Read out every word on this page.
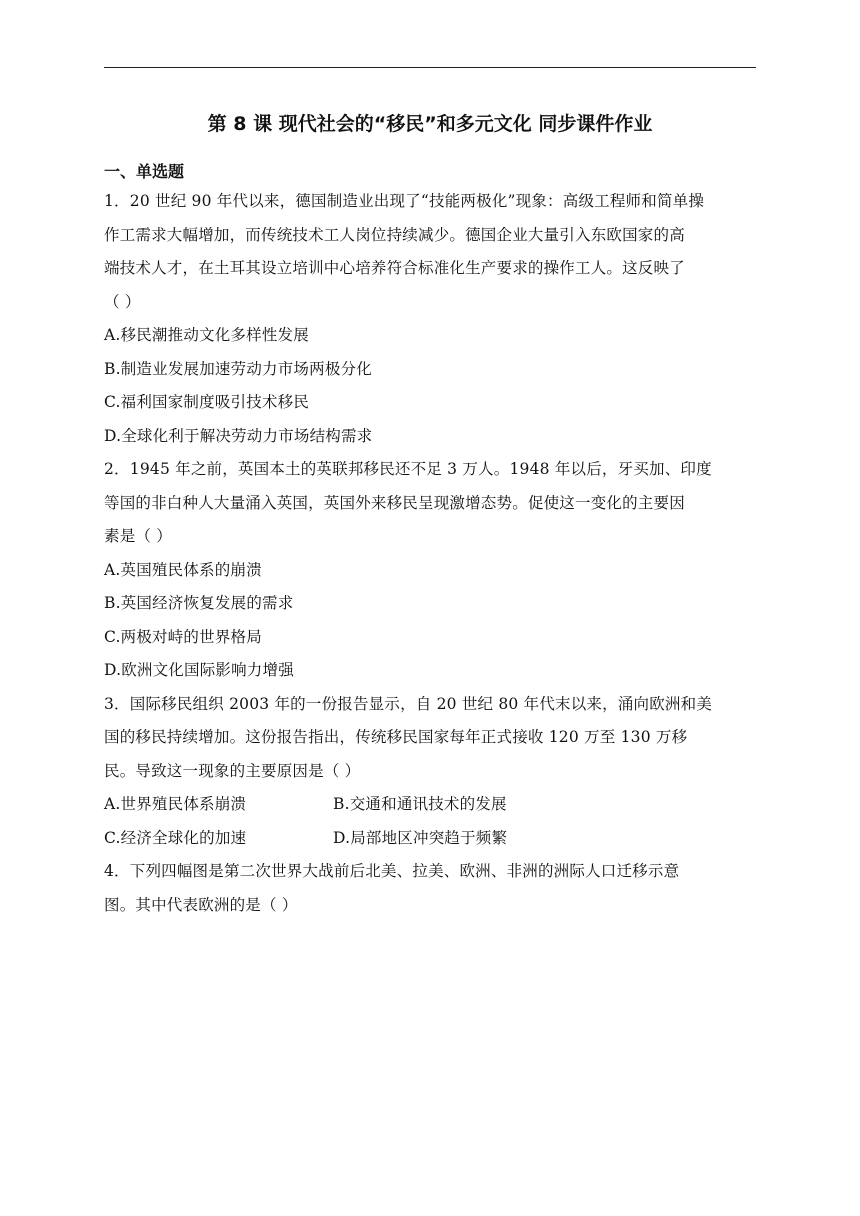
第 8 课 现代社会的“移民”和多元文化 同步课件作业
一、单选题
1．20 世纪 90 年代以来，德国制造业出现了“技能两极化”现象：高级工程师和简单操
作工需求大幅增加，而传统技术工人岗位持续减少。德国企业大量引入东欧国家的高
端技术人才，在土耳其设立培训中心培养符合标准化生产要求的操作工人。这反映了
（ ）
A.移民潮推动文化多样性发展
B.制造业发展加速劳动力市场两极分化
C.福利国家制度吸引技术移民
D.全球化利于解决劳动力市场结构需求
2．1945 年之前，英国本土的英联邦移民还不足 3 万人。1948 年以后，牙买加、印度
等国的非白种人大量涌入英国，英国外来移民呈现激增态势。促使这一变化的主要因
素是（ ）
A.英国殖民体系的崩溃
B.英国经济恢复发展的需求
C.两极对峙的世界格局
D.欧洲文化国际影响力增强
3．国际移民组织 2003 年的一份报告显示，自 20 世纪 80 年代末以来，涌向欧洲和美
国的移民持续增加。这份报告指出，传统移民国家每年正式接收 120 万至 130 万移
民。导致这一现象的主要原因是（ ）
A.世界殖民体系崩溃	B.交通和通讯技术的发展
C.经济全球化的加速	D.局部地区冲突趋于频繁
4．下列四幅图是第二次世界大战前后北美、拉美、欧洲、非洲的洲际人口迁移示意
图。其中代表欧洲的是（ ）
